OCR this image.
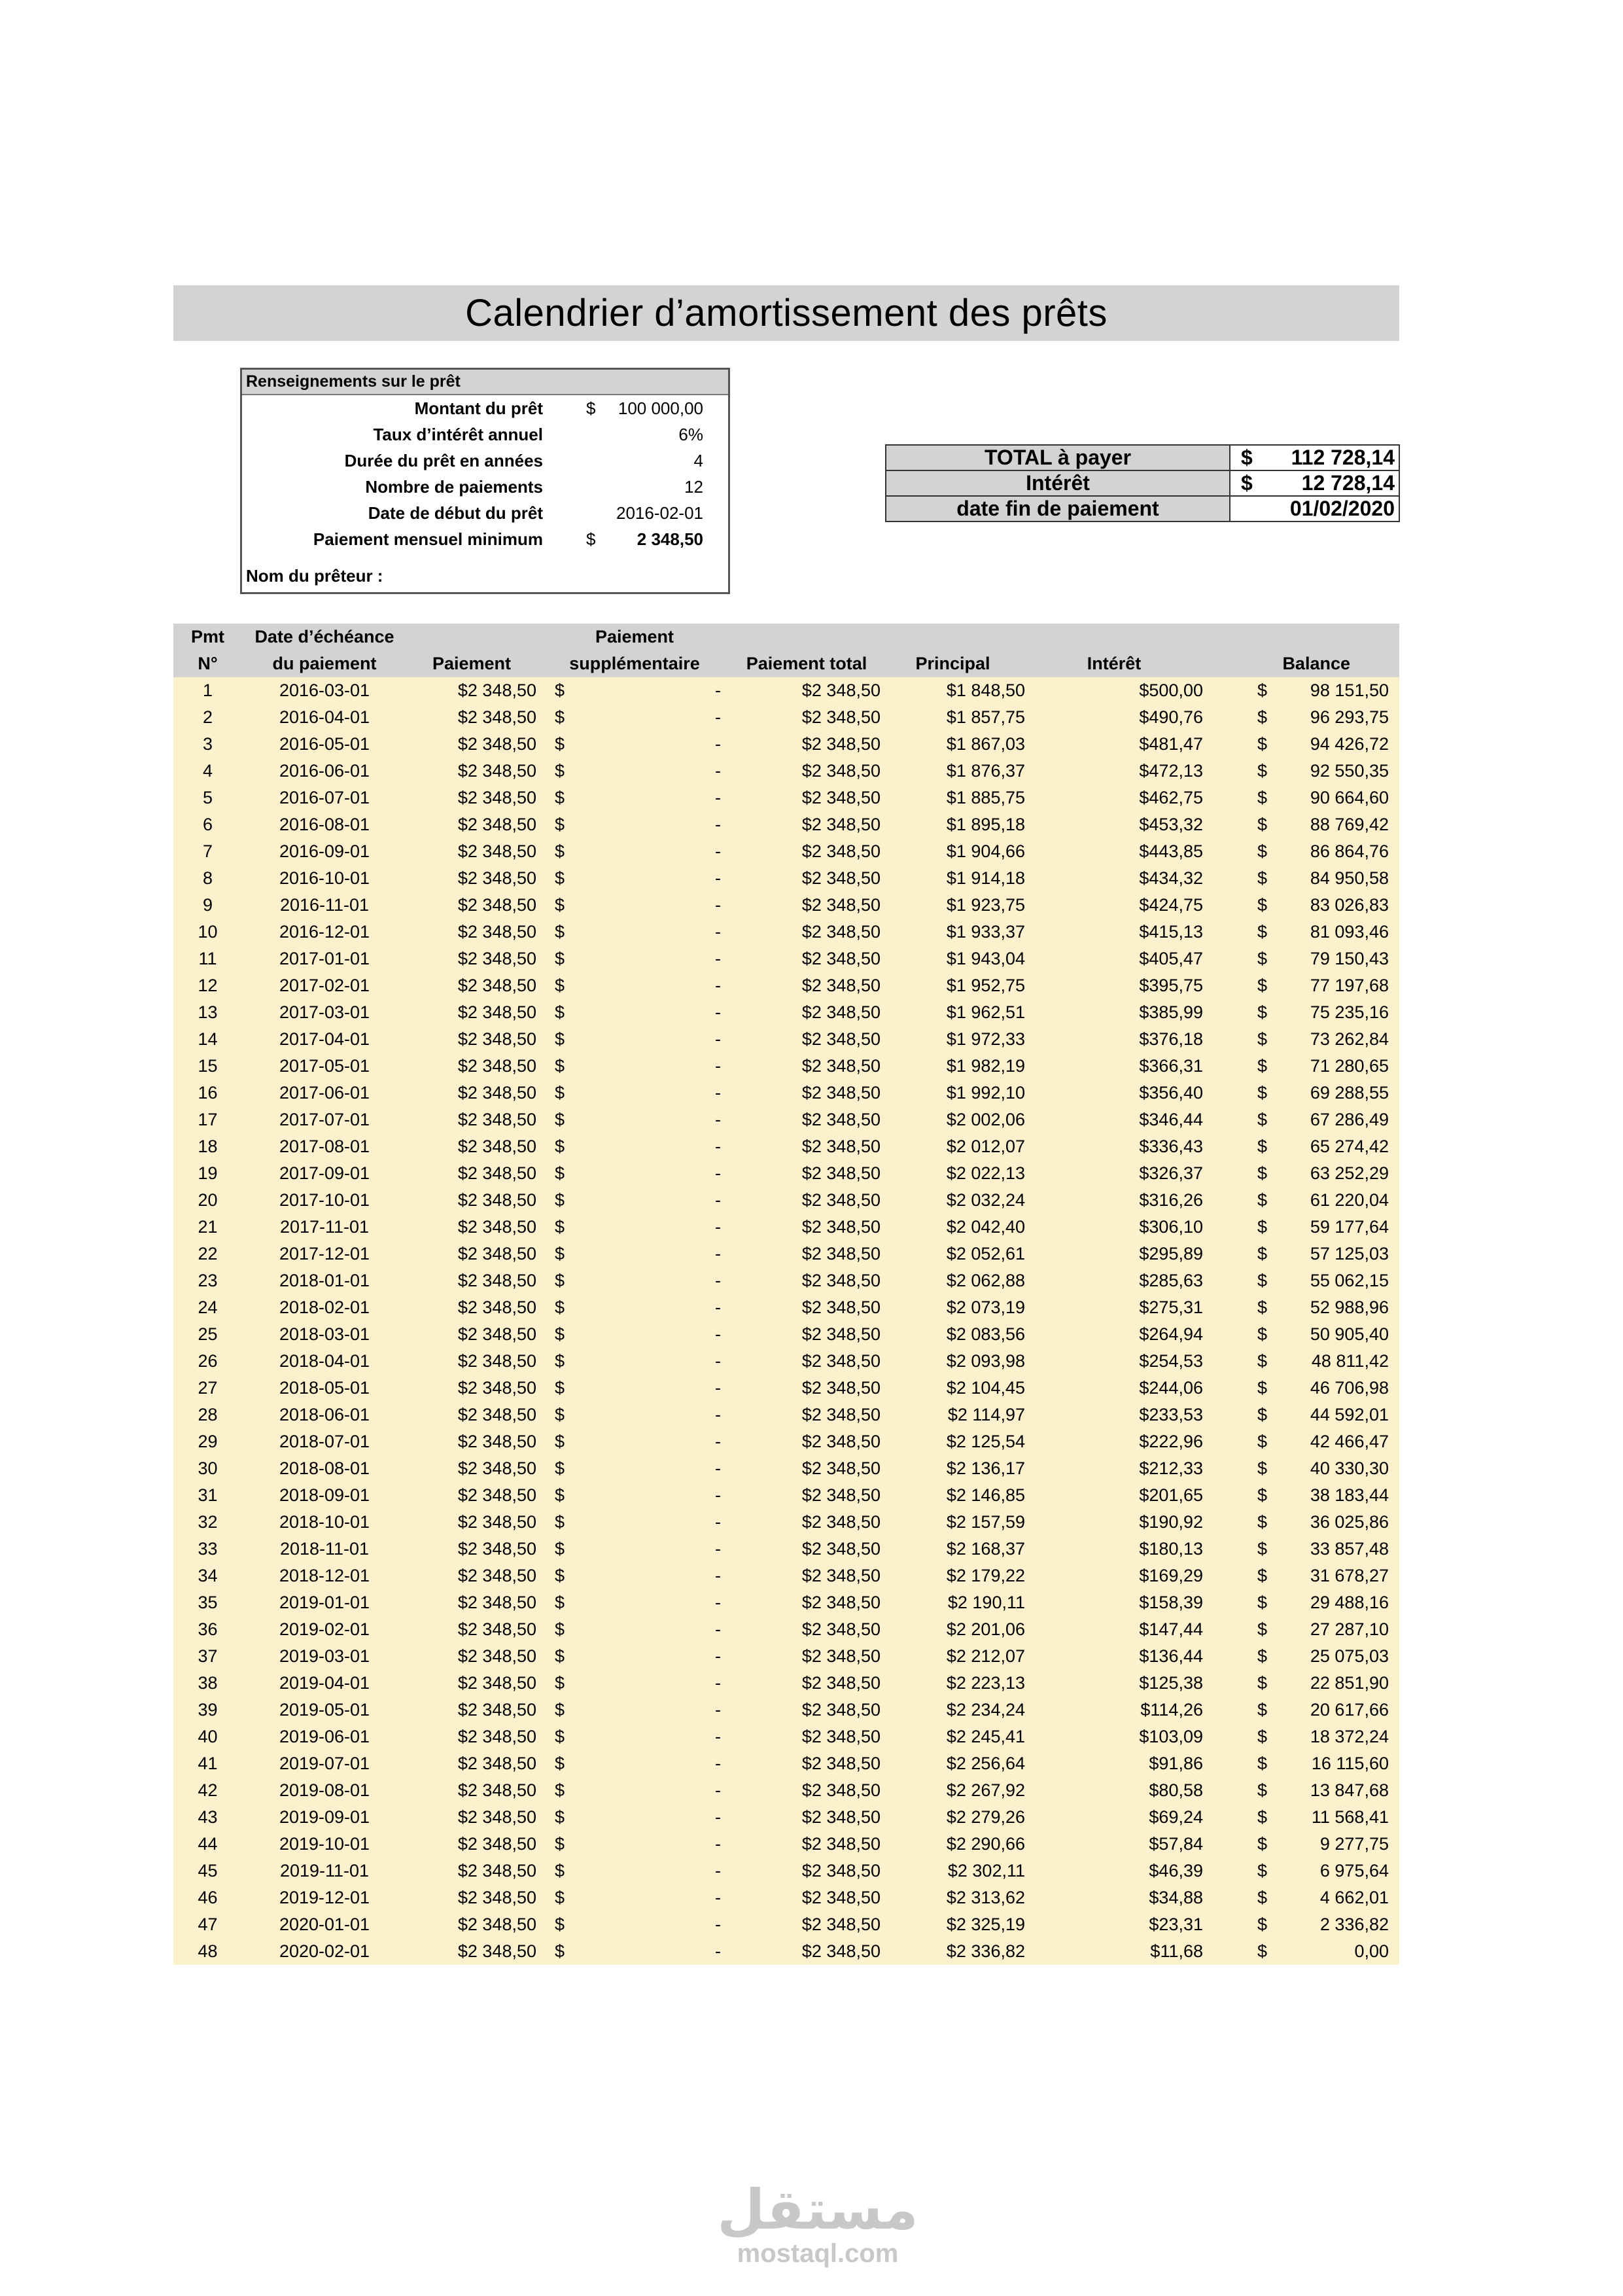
Calendrier d’amortissement des prêts
Renseignements sur le prêt
Montant du prêt	$ 100 000,00
Taux d’intérêt annuel	6%
Durée du prêt en années	4
Nombre de paiements	12
Date de début du prêt	2016-02-01
Paiement mensuel minimum	$ 2 348,50
Nom du prêteur :
TOTAL à payer	$ 112 728,14
Intérêt	$ 12 728,14
date fin de paiement	01/02/2020
Pmt	Date d’échéance		Paiement				
N°	du paiement	Paiement	supplémentaire	Paiement total	Principal	Intérêt	Balance
1	2016-03-01	$2 348,50	$ -	$2 348,50	$1 848,50	$500,00	$ 98 151,50

2	2016-04-01	$2 348,50	$ -	$2 348,50	$1 857,75	$490,76	$ 96 293,75

3	2016-05-01	$2 348,50	$ -	$2 348,50	$1 867,03	$481,47	$ 94 426,72

4	2016-06-01	$2 348,50	$ -	$2 348,50	$1 876,37	$472,13	$ 92 550,35

5	2016-07-01	$2 348,50	$ -	$2 348,50	$1 885,75	$462,75	$ 90 664,60

6	2016-08-01	$2 348,50	$ -	$2 348,50	$1 895,18	$453,32	$ 88 769,42

7	2016-09-01	$2 348,50	$ -	$2 348,50	$1 904,66	$443,85	$ 86 864,76

8	2016-10-01	$2 348,50	$ -	$2 348,50	$1 914,18	$434,32	$ 84 950,58

9	2016-11-01	$2 348,50	$ -	$2 348,50	$1 923,75	$424,75	$ 83 026,83

10	2016-12-01	$2 348,50	$ -	$2 348,50	$1 933,37	$415,13	$ 81 093,46

11	2017-01-01	$2 348,50	$ -	$2 348,50	$1 943,04	$405,47	$ 79 150,43

12	2017-02-01	$2 348,50	$ -	$2 348,50	$1 952,75	$395,75	$ 77 197,68

13	2017-03-01	$2 348,50	$ -	$2 348,50	$1 962,51	$385,99	$ 75 235,16

14	2017-04-01	$2 348,50	$ -	$2 348,50	$1 972,33	$376,18	$ 73 262,84

15	2017-05-01	$2 348,50	$ -	$2 348,50	$1 982,19	$366,31	$ 71 280,65

16	2017-06-01	$2 348,50	$ -	$2 348,50	$1 992,10	$356,40	$ 69 288,55

17	2017-07-01	$2 348,50	$ -	$2 348,50	$2 002,06	$346,44	$ 67 286,49

18	2017-08-01	$2 348,50	$ -	$2 348,50	$2 012,07	$336,43	$ 65 274,42

19	2017-09-01	$2 348,50	$ -	$2 348,50	$2 022,13	$326,37	$ 63 252,29

20	2017-10-01	$2 348,50	$ -	$2 348,50	$2 032,24	$316,26	$ 61 220,04

21	2017-11-01	$2 348,50	$ -	$2 348,50	$2 042,40	$306,10	$ 59 177,64

22	2017-12-01	$2 348,50	$ -	$2 348,50	$2 052,61	$295,89	$ 57 125,03

23	2018-01-01	$2 348,50	$ -	$2 348,50	$2 062,88	$285,63	$ 55 062,15

24	2018-02-01	$2 348,50	$ -	$2 348,50	$2 073,19	$275,31	$ 52 988,96

25	2018-03-01	$2 348,50	$ -	$2 348,50	$2 083,56	$264,94	$ 50 905,40

26	2018-04-01	$2 348,50	$ -	$2 348,50	$2 093,98	$254,53	$ 48 811,42

27	2018-05-01	$2 348,50	$ -	$2 348,50	$2 104,45	$244,06	$ 46 706,98

28	2018-06-01	$2 348,50	$ -	$2 348,50	$2 114,97	$233,53	$ 44 592,01

29	2018-07-01	$2 348,50	$ -	$2 348,50	$2 125,54	$222,96	$ 42 466,47

30	2018-08-01	$2 348,50	$ -	$2 348,50	$2 136,17	$212,33	$ 40 330,30

31	2018-09-01	$2 348,50	$ -	$2 348,50	$2 146,85	$201,65	$ 38 183,44

32	2018-10-01	$2 348,50	$ -	$2 348,50	$2 157,59	$190,92	$ 36 025,86

33	2018-11-01	$2 348,50	$ -	$2 348,50	$2 168,37	$180,13	$ 33 857,48

34	2018-12-01	$2 348,50	$ -	$2 348,50	$2 179,22	$169,29	$ 31 678,27

35	2019-01-01	$2 348,50	$ -	$2 348,50	$2 190,11	$158,39	$ 29 488,16

36	2019-02-01	$2 348,50	$ -	$2 348,50	$2 201,06	$147,44	$ 27 287,10

37	2019-03-01	$2 348,50	$ -	$2 348,50	$2 212,07	$136,44	$ 25 075,03

38	2019-04-01	$2 348,50	$ -	$2 348,50	$2 223,13	$125,38	$ 22 851,90

39	2019-05-01	$2 348,50	$ -	$2 348,50	$2 234,24	$114,26	$ 20 617,66

40	2019-06-01	$2 348,50	$ -	$2 348,50	$2 245,41	$103,09	$ 18 372,24

41	2019-07-01	$2 348,50	$ -	$2 348,50	$2 256,64	$91,86	$ 16 115,60

42	2019-08-01	$2 348,50	$ -	$2 348,50	$2 267,92	$80,58	$ 13 847,68

43	2019-09-01	$2 348,50	$ -	$2 348,50	$2 279,26	$69,24	$ 11 568,41

44	2019-10-01	$2 348,50	$ -	$2 348,50	$2 290,66	$57,84	$ 9 277,75

45	2019-11-01	$2 348,50	$ -	$2 348,50	$2 302,11	$46,39	$ 6 975,64

46	2019-12-01	$2 348,50	$ -	$2 348,50	$2 313,62	$34,88	$ 4 662,01

47	2020-01-01	$2 348,50	$ -	$2 348,50	$2 325,19	$23,31	$ 2 336,82

48	2020-02-01	$2 348,50	$ -	$2 348,50	$2 336,82	$11,68	$ 0,00
مستقل
mostaql.com
